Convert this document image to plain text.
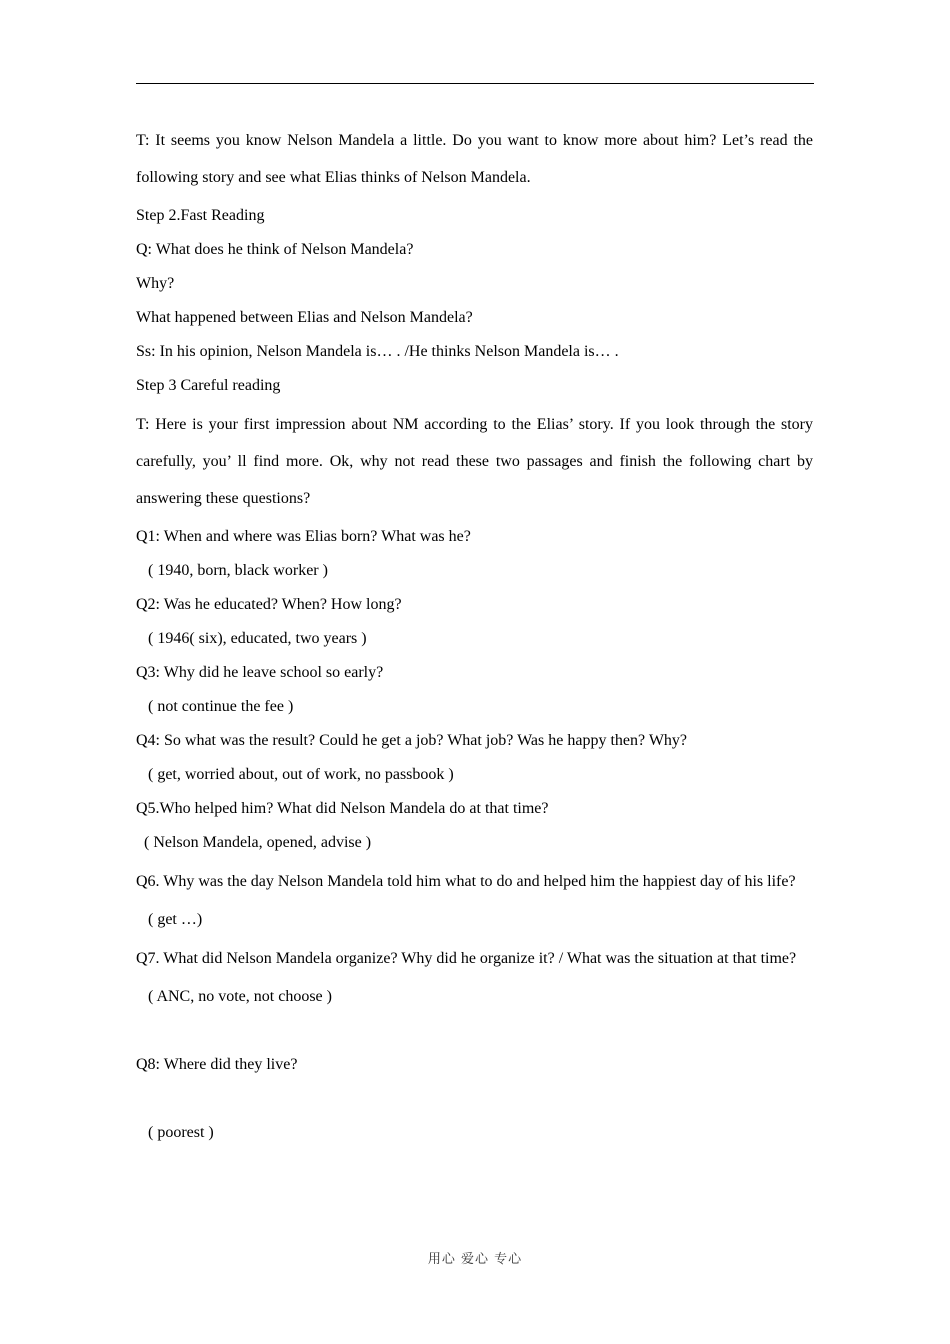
T: It seems you know Nelson Mandela a little. Do you want to know more about him? Let’s read the following story and see what Elias thinks of Nelson Mandela.

Step 2.Fast Reading

Q: What does he think of Nelson Mandela?

Why?

What happened between Elias and Nelson Mandela?

Ss: In his opinion, Nelson Mandela is… . /He thinks Nelson Mandela is… .

Step 3 Careful reading

T: Here is your first impression about NM according to the Elias’ story. If you look through the story carefully, you’ ll find more. Ok, why not read these two passages and finish the following chart by answering these questions?

Q1: When and where was Elias born? What was he?

( 1940, born, black worker )

Q2: Was he educated? When? How long?

( 1946( six), educated, two years )

Q3: Why did he leave school so early?

( not continue the fee )

Q4: So what was the result? Could he get a job? What job? Was he happy then? Why?

( get, worried about, out of work, no passbook )

Q5.Who helped him? What did Nelson Mandela do at that time?

( Nelson Mandela, opened, advise )

Q6. Why was the day Nelson Mandela told him what to do and helped him the happiest day of his life?

( get …)

Q7. What did Nelson Mandela organize? Why did he organize it? / What was the situation at that time?

( ANC, no vote, not choose )

Q8: Where did they live?

( poorest )

用心 爱心 专心
